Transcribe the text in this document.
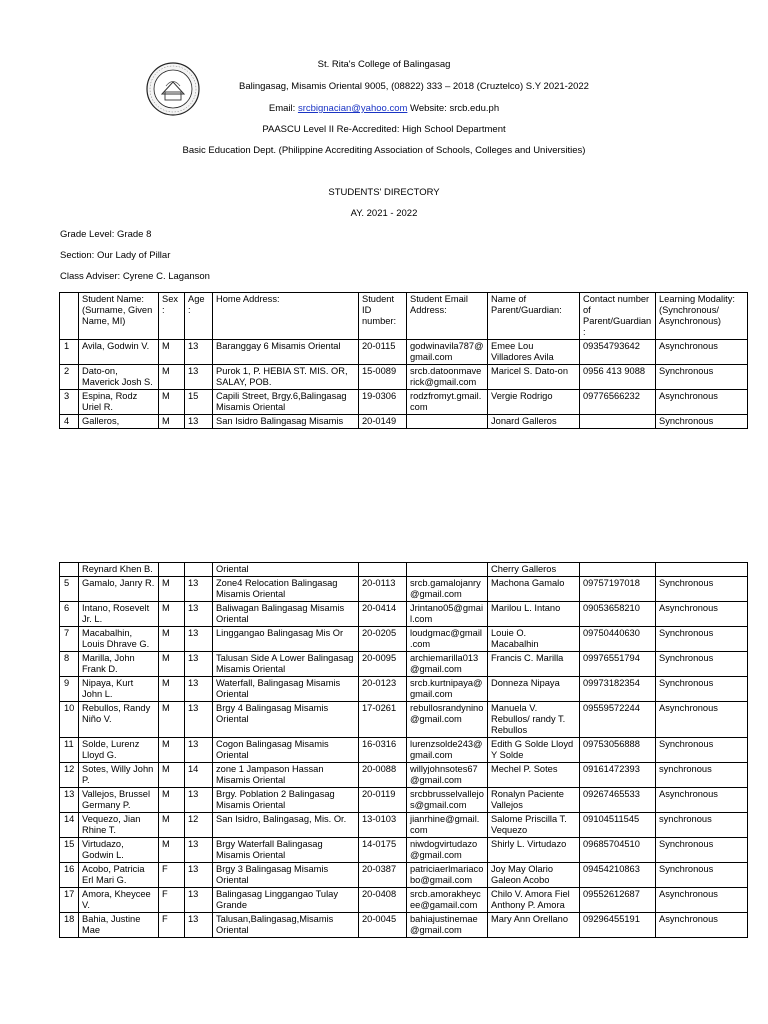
St. Rita's College of Balingasag
Balingasag, Misamis Oriental 9005, (08822) 333 – 2018 (Cruztelco) S.Y 2021-2022
Email: srcbignacian@yahoo.com Website: srcb.edu.ph
PAASCU Level II Re-Accredited: High School Department
Basic Education Dept. (Philippine Accrediting Association of Schools, Colleges and Universities)
STUDENTS' DIRECTORY
AY. 2021 - 2022
Grade Level: Grade 8
Section: Our Lady of Pillar
Class Adviser: Cyrene C. Laganson
	Student Name: (Surname, Given Name, MI)	Sex :	Age :	Home Address:	Student ID number:	Student Email Address:	Name of Parent/Guardian:	Contact number of Parent/Guardian:	Learning Modality: (Synchronous/ Asynchronous)
1	Avila, Godwin V.	M	13	Baranggay 6 Misamis Oriental	20-0115	godwinavila787@gmail.com	Emee Lou Villadores Avila	09354793642	Asynchronous
2	Dato-on, Maverick Josh S.	M	13	Purok 1, P. HEBIA ST. MIS. OR, SALAY, POB.	15-0089	srcb.datoonmaverick@gmail.com	Maricel S. Dato-on	0956 413 9088	Synchronous
3	Espina, Rodz Uriel R.	M	15	Capili Street, Brgy.6,Balingasag Misamis Oriental	19-0306	rodzfromyt.gmail.com	Vergie Rodrigo	09776566232	Asynchronous
4	Galleros,	M	13	San Isidro Balingasag Misamis	20-0149		Jonard Galleros		Synchronous
	Reynard Khen B.			Oriental			Cherry Galleros		
5	Gamalo, Janry R.	M	13	Zone4 Relocation Balingasag Misamis Oriental	20-0113	srcb.gamalojanry@gmail.com	Machona Gamalo	09757197018	Synchronous
6	Intano, Rosevelt Jr. L.	M	13	Baliwagan Balingasag Misamis Oriental	20-0414	Jrintano05@gmail.com	Marilou L. Intano	09053658210	Asynchronous
7	Macabalhin, Louis Dhrave G.	M	13	Linggangao Balingasag Mis Or	20-0205	loudgmac@gmail.com	Louie O. Macabalhin	09750440630	Synchronous
8	Marilla, John Frank D.	M	13	Talusan Side A Lower Balingasag Misamis Oriental	20-0095	archiemarilla013@gmail.com	Francis C. Marilla	09976551794	Synchronous
9	Nipaya, Kurt John L.	M	13	Waterfall, Balingasag Misamis Oriental	20-0123	srcb.kurtnipaya@gmail.com	Donneza Nipaya	09973182354	Synchronous
10	Rebullos, Randy Niño V.	M	13	Brgy 4 Balingasag Misamis Oriental	17-0261	rebullosrandynino@gmail.com	Manuela V. Rebullos/ randy T. Rebullos	09559572244	Asynchronous
11	Solde, Lurenz Lloyd G.	M	13	Cogon Balingasag Misamis Oriental	16-0316	lurenzsolde243@gmail.com	Edith G Solde Lloyd Y Solde	09753056888	Synchronous
12	Sotes, Willy John P.	M	14	zone 1 Jampason Hassan Misamis Oriental	20-0088	willyjohnsotes67@gmail.com	Mechel P. Sotes	09161472393	synchronous
13	Vallejos, Brussel Germany P.	M	13	Brgy. Poblation 2 Balingasag Misamis Oriental	20-0119	srcbbrusselvallejos@gmail.com	Ronalyn Paciente Vallejos	09267465533	Asynchronous
14	Vequezo, Jian Rhine T.	M	12	San Isidro, Balingasag, Mis. Or.	13-0103	jianrhine@gmail.com	Salome Priscilla T. Vequezo	09104511545	synchronous
15	Virtudazo, Godwin L.	M	13	Brgy Waterfall Balingasag Misamis Oriental	14-0175	niwdogvirtudazo@gmail.com	Shirly L. Virtudazo	09685704510	Synchronous
16	Acobo, Patricia Erl Mari G.	F	13	Brgy 3 Balingasag Misamis Oriental	20-0387	patriciaerlmariacobo@gmail.com	Joy May Olario Galeon Acobo	09454210863	Synchronous
17	Amora, Kheycee V.	F	13	Balingasag Linggangao Tulay Grande	20-0408	srcb.amorakheycee@gamail.com	Chilo V. Amora Fiel Anthony P. Amora	09552612687	Asynchronous
18	Bahia, Justine Mae	F	13	Talusan,Balingasag,Misamis Oriental	20-0045	bahiajustinemae@gmail.com	Mary Ann Orellano	09296455191	Asynchronous
